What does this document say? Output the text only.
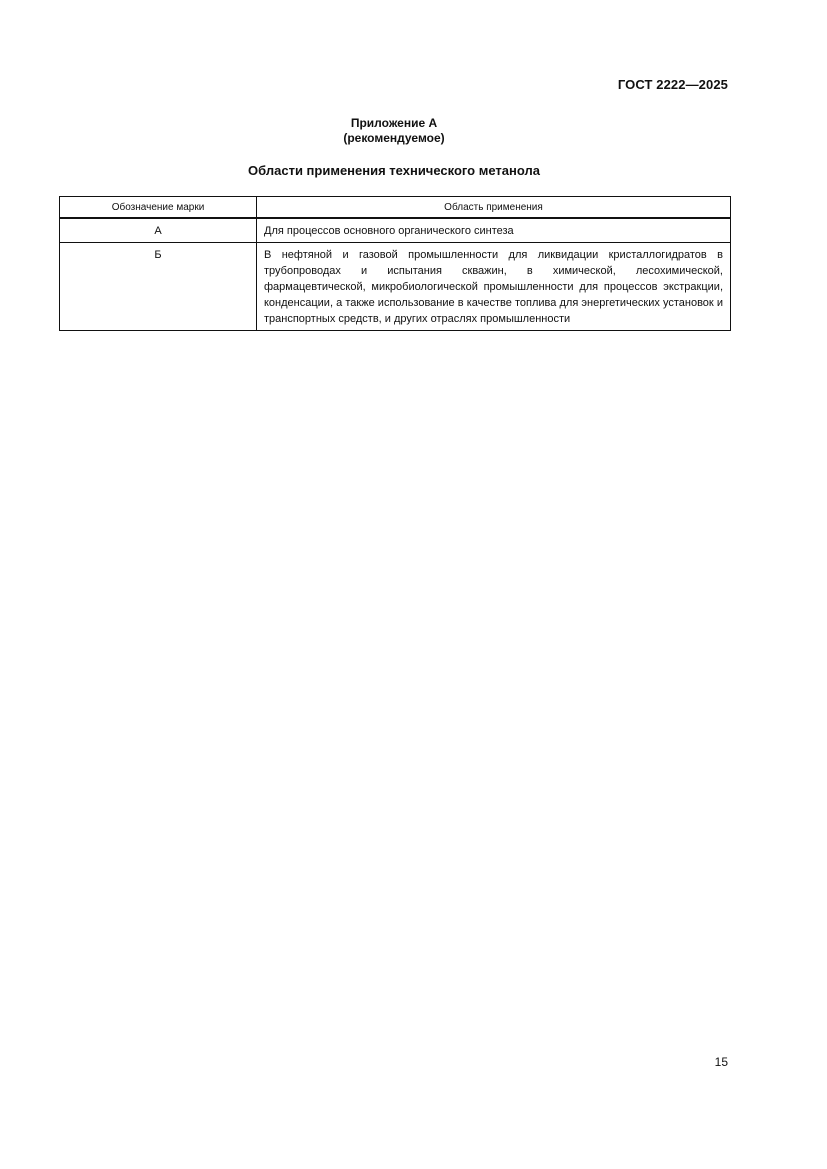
ГОСТ 2222—2025
Приложение А
(рекомендуемое)
Области применения технического метанола
Обозначение марки	Область применения
А	Для процессов основного органического синтеза
Б	В нефтяной и газовой промышленности для ликвидации кристаллогидратов в трубопроводах и испытания скважин, в химической, лесохимической, фармацевтической, микробиологической промышленности для процессов экстракции, конденсации, а также использование в качестве топлива для энергетических установок и транспортных средств, и других отраслях промышленности
15
